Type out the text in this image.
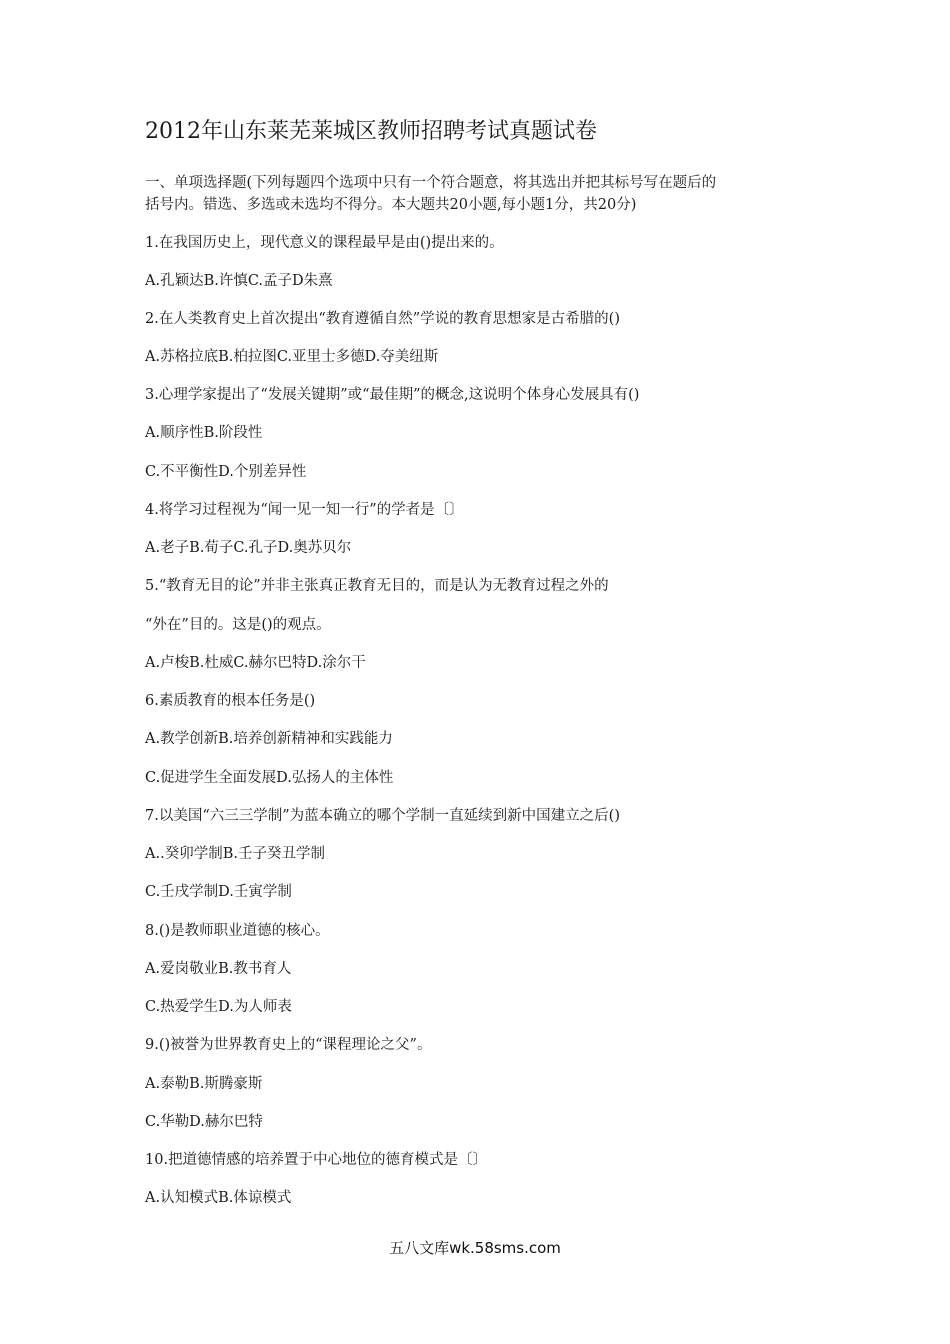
2012年山东莱芜莱城区教师招聘考试真题试卷
一、单项选择题(下列每题四个选项中只有一个符合题意，将其选出并把其标号写在题后的
括号内。错选、多选或未选均不得分。本大题共20小题,每小题1分，共20分)
1.在我国历史上，现代意义的课程最早是由()提出来的。
A.孔颖达B.许慎C.孟子D朱熹
2.在人类教育史上首次提出“教育遵循自然”学说的教育思想家是古希腊的()
A.苏格拉底B.柏拉图C.亚里士多德D.夺美纽斯
3.心理学家提出了“发展关键期”或“最佳期”的概念,这说明个体身心发展具有()
A.顺序性B.阶段性
C.不平衡性D.个别差异性
4.将学习过程视为“闻一见一知一行”的学者是〔〕
A.老子B.荀子C.孔子D.奥苏贝尔
5.“教育无目的论”并非主张真正教育无目的，而是认为无教育过程之外的
“外在”目的。这是()的观点。
A.卢梭B.杜威C.赫尔巴特D.涂尔干
6.素质教育的根本任务是()
A.教学创新B.培养创新精神和实践能力
C.促进学生全面发展D.弘扬人的主体性
7.以美国“六三三学制”为蓝本确立的哪个学制一直延续到新中国建立之后()
A..癸卯学制B.壬子癸丑学制
C.壬戌学制D.壬寅学制
8.()是教师职业道德的核心。
A.爱岗敬业B.教书育人
C.热爱学生D.为人师表
9.()被誉为世界教育史上的“课程理论之父”。
A.泰勒B.斯腾豪斯
C.华勒D.赫尔巴特
10.把道德情感的培养置于中心地位的德育模式是〔〕
A.认知模式B.体谅模式
五八文库wk.58sms.com
